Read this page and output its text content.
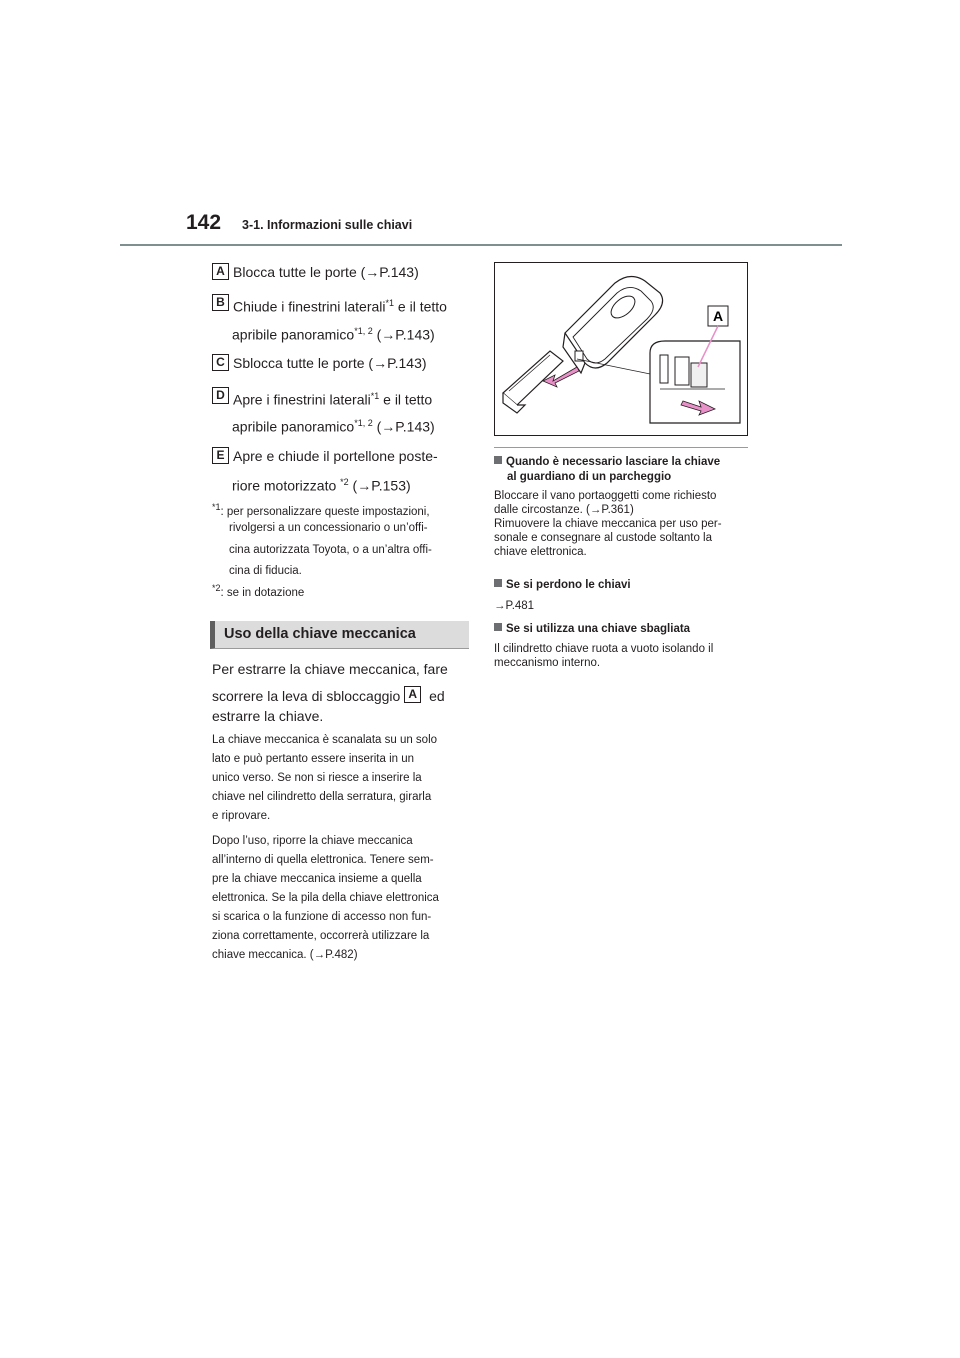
142 3-1. Informazioni sulle chiavi
A Blocca tutte le porte (→P.143)
B Chiude i finestrini laterali$^{*1}$ e il tetto
apribile panoramico$^{*1, 2}$ (→P.143)
C Sblocca tutte le porte (→P.143)
D Apre i finestrini laterali$^{*1}$ e il tetto
apribile panoramico$^{*1, 2}$ (→P.143)
E Apre e chiude il portellone poste-
riore motorizzato $^{*2}$ (→P.153)
$^{*1}$: per personalizzare queste impostazioni,
rivolgersi a un concessionario o un’offi-
cina autorizzata Toyota, o a un’altra offi-
cina di fiducia.
$^{*2}$: se in dotazione
Uso della chiave meccanica
Per estrarre la chiave meccanica, fare
scorrere la leva di sbloccaggio A ed
estrarre la chiave.
La chiave meccanica è scanalata su un solo
lato e può pertanto essere inserita in un
unico verso. Se non si riesce a inserire la
chiave nel cilindretto della serratura, girarla
e riprovare.
Dopo l’uso, riporre la chiave meccanica
all’interno di quella elettronica. Tenere sem-
pre la chiave meccanica insieme a quella
elettronica. Se la pila della chiave elettronica
si scarica o la funzione di accesso non fun-
ziona correttamente, occorrerà utilizzare la
chiave meccanica. (→P.482)
A
Quando è necessario lasciare la chiave
al guardiano di un parcheggio
Bloccare il vano portaoggetti come richiesto
dalle circostanze. (→P.361)
Rimuovere la chiave meccanica per uso per-
sonale e consegnare al custode soltanto la
chiave elettronica.
Se si perdono le chiavi
→P.481
Se si utilizza una chiave sbagliata
Il cilindretto chiave ruota a vuoto isolando il
meccanismo interno.
